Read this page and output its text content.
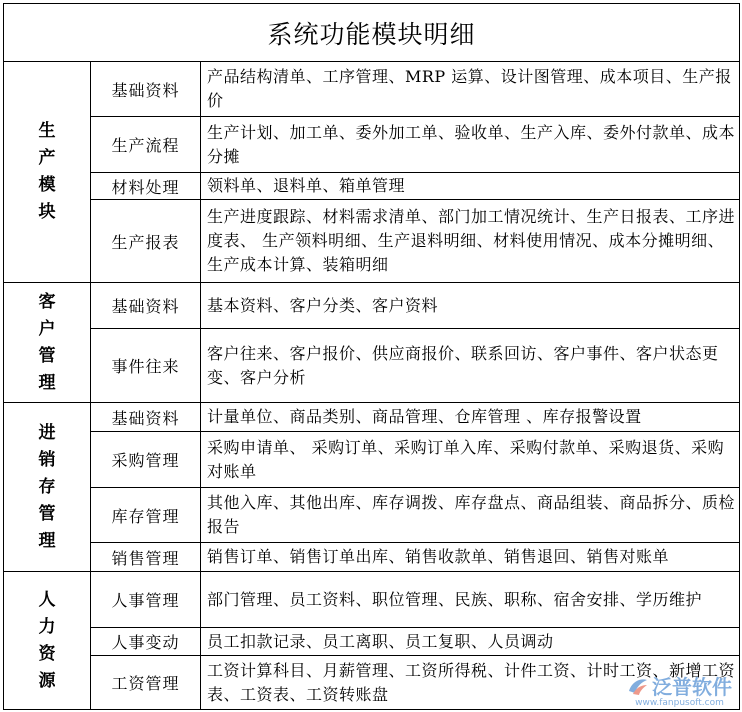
系统功能模块明细		
生产模块	基础资料	产品结构清单、工序管理、MRP 运算、设计图管理、成本项目、生产报价
	生产流程	生产计划、加工单、委外加工单、验收单、生产入库、委外付款单、成本分摊
	材料处理	领料单、退料单、箱单管理
	生产报表	生产进度跟踪、材料需求清单、部门加工情况统计、生产日报表、工序进度表、 生产领料明细、生产退料明细、材料使用情况、成本分摊明细、生产成本计算、装箱明细
客户管理	基础资料	基本资料、客户分类、客户资料
	事件往来	客户往来、客户报价、供应商报价、联系回访、客户事件、客户状态更变、客户分析
进销存管理	基础资料	计量单位、商品类别、商品管理、仓库管理 、库存报警设置
	采购管理	采购申请单、 采购订单、采购订单入库、采购付款单、采购退货、采购对账单
	库存管理	其他入库、其他出库、库存调拨、库存盘点、商品组装、商品拆分、质检报告
	销售管理	销售订单、销售订单出库、销售收款单、销售退回、销售对账单
人力资源	人事管理	部门管理、员工资料、职位管理、民族、职称、宿舍安排、学历维护
	人事变动	员工扣款记录、员工离职、员工复职、人员调动
	工资管理	工资计算科目、月薪管理、工资所得税、计件工资、计时工资、新增工资表、工资表、工资转账盘	泛普软件
www.fanpusoft.com
